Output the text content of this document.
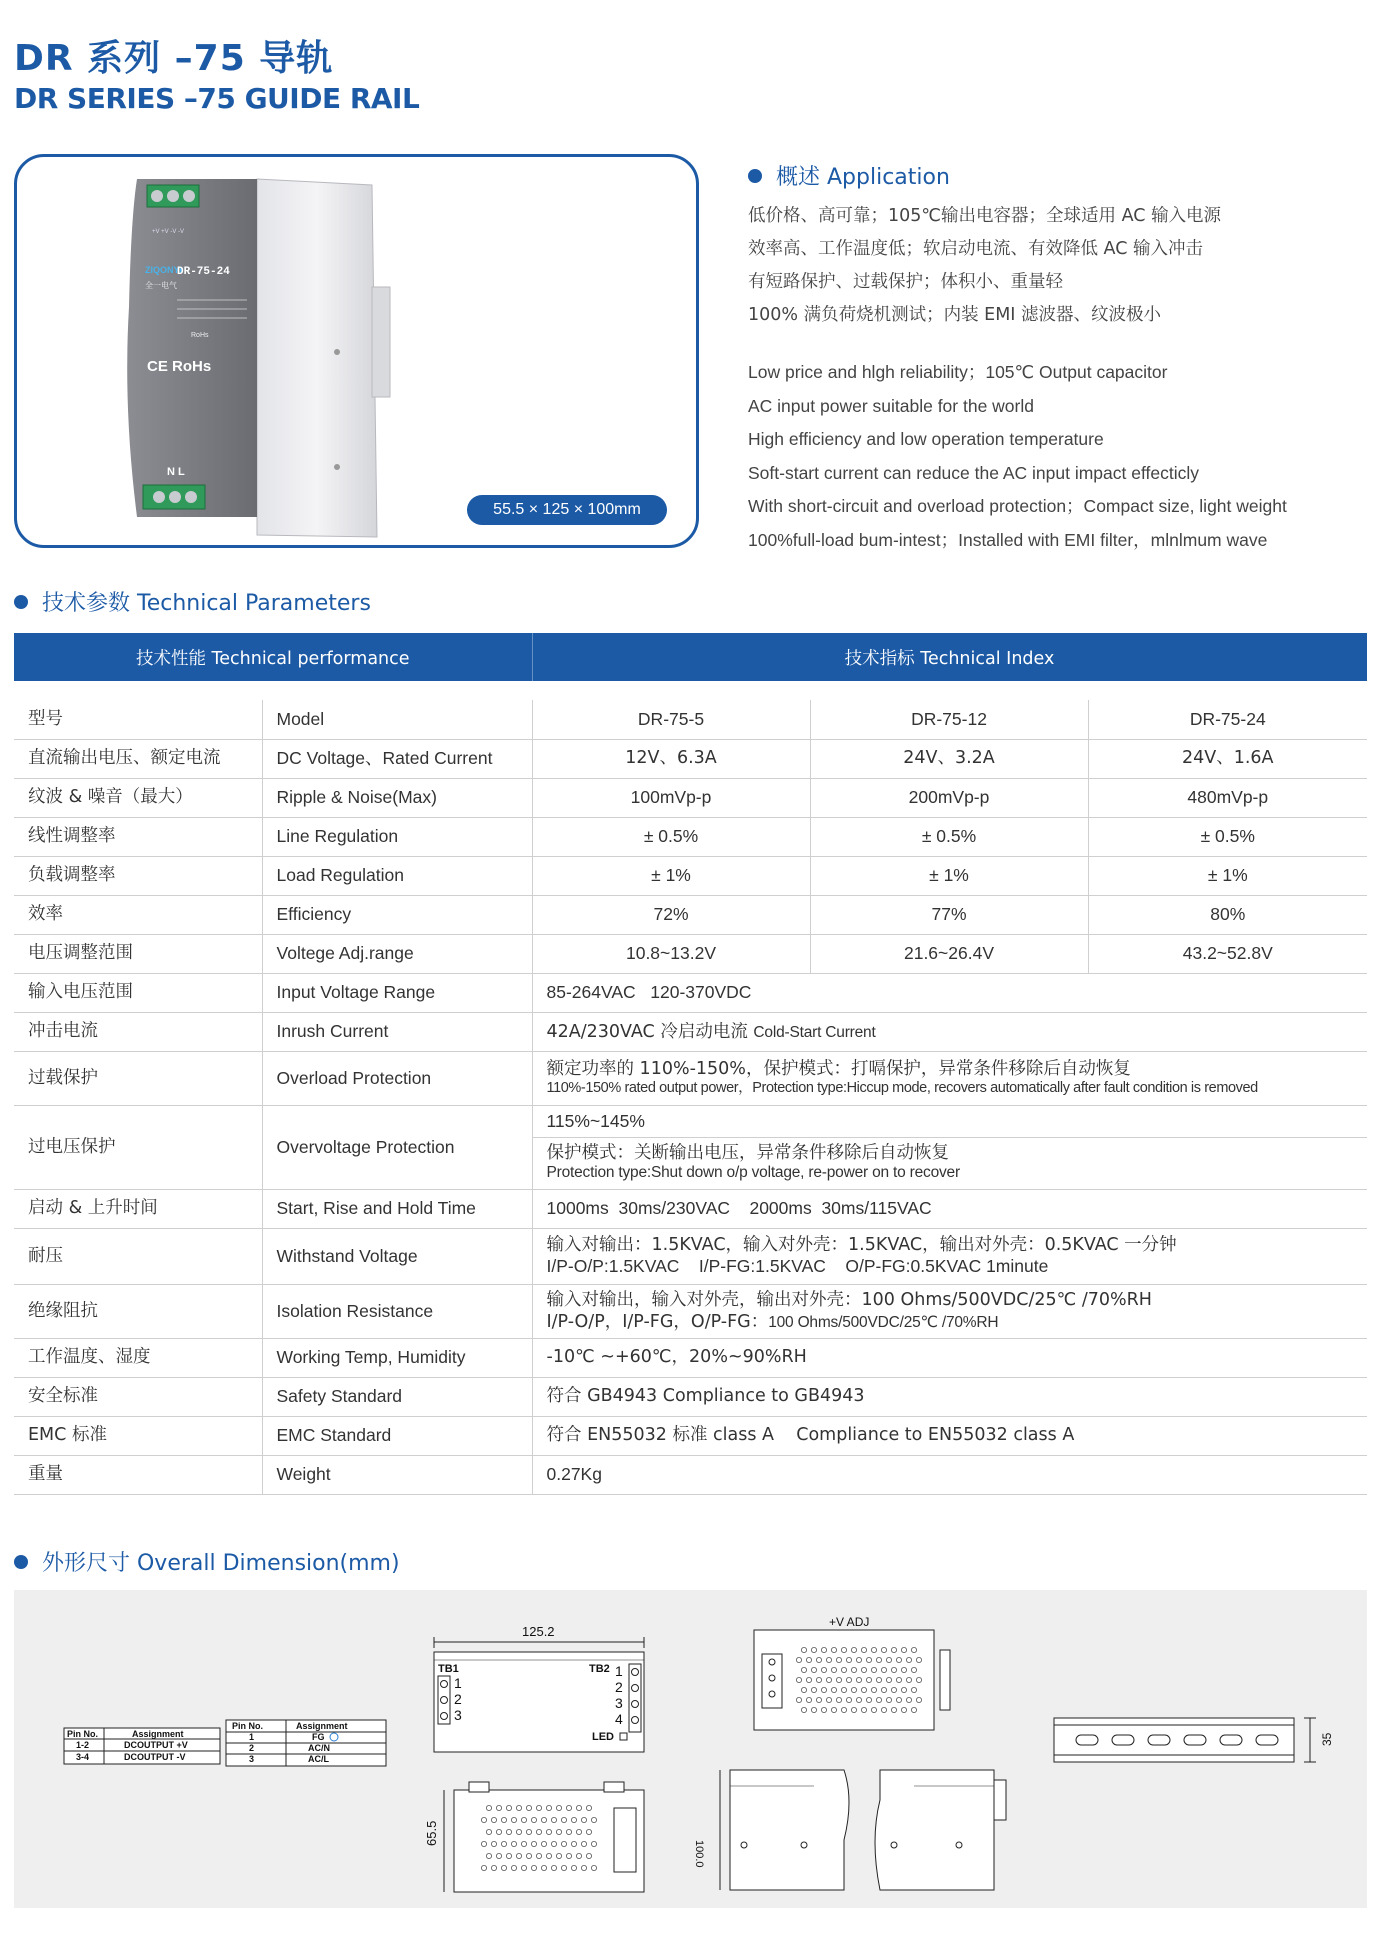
DR 系列 –75 导轨
DR SERIES –75 GUIDE RAIL
+V +V -V -V
ZIQONYI
DR-75-24
全一电气
RoHs
CE RoHs
N L
55.5 × 125 × 100mm
概述 Application
低价格、高可靠；105℃输出电容器；全球适用 AC 输入电源
效率高、工作温度低；软启动电流、有效降低 AC 输入冲击
有短路保护、过载保护；体积小、重量轻
100% 满负荷烧机测试；内装 EMI 滤波器、纹波极小
Low price and hlgh reliability；105℃ Output capacitor
AC input power suitable for the world
High efficiency and low operation temperature
Soft-start current can reduce the AC input impact effecticly
With short-circuit and overload protection；Compact size, light weight
100%full-load bum-intest；Installed with EMI filter，mlnlmum wave
技术参数 Technical Parameters
技术性能 Technical performance		技术指标 Technical Index		

型号	Model	DR-75-5	DR-75-12	DR-75-24
直流输出电压、额定电流	DC Voltage、Rated Current	12V、6.3A	24V、3.2A	24V、1.6A
纹波 & 噪音（最大）	Ripple & Noise(Max)	100mVp-p	200mVp-p	480mVp-p
线性调整率	Line Regulation	± 0.5%	± 0.5%	± 0.5%
负载调整率	Load Regulation	± 1%	± 1%	± 1%
效率	Efficiency	72%	77%	80%
电压调整范围	Voltege Adj.range	10.8~13.2V	21.6~26.4V	43.2~52.8V
输入电压范围	Input Voltage Range	85-264VAC   120-370VDC		
冲击电流	Inrush Current	42A/230VAC 冷启动电流 Cold-Start Current		
过载保护	Overload Protection	额定功率的 110%-150%，保护模式：打嗝保护，异常条件移除后自动恢复
110%-150% rated output power，Protection type:Hiccup mode, recovers automatically after fault condition is removed		

过电压保护	Overvoltage Protection	115%~145%		

		保护模式：关断输出电压，异常条件移除后自动恢复
Protection type:Shut down o/p voltage, re-power on to recover		

启动 & 上升时间	Start, Rise and Hold Time	1000ms  30ms/230VAC    2000ms  30ms/115VAC		
耐压	Withstand Voltage	输入对输出：1.5KVAC，输入对外壳：1.5KVAC，输出对外壳：0.5KVAC 一分钟
I/P-O/P:1.5KVAC    I/P-FG:1.5KVAC    O/P-FG:0.5KVAC 1minute		

绝缘阻抗	Isolation Resistance	输入对输出，输入对外壳，输出对外壳：100 Ohms/500VDC/25℃ /70%RH
I/P-O/P，I/P-FG，O/P-FG：100 Ohms/500VDC/25℃ /70%RH		

工作温度、湿度	Working Temp, Humidity	-10℃ ~+60℃，20%~90%RH		
安全标准	Safety Standard	符合 GB4943 Compliance to GB4943		
EMC 标准	EMC Standard	符合 EN55032 标准 class A    Compliance to EN55032 class A		
重量	Weight	0.27Kg		
外形尺寸 Overall Dimension(mm)
Pin No.	Assignment
1-2	DCOUTPUT +V
3-4	DCOUTPUT -V
Pin No.	Assignment
1	FG
2	AC/N
3	AC/L
125.2
TB1	TB2
1
2
3
1
2
3
4
LED
+V ADJ
35
65.5
100.0
